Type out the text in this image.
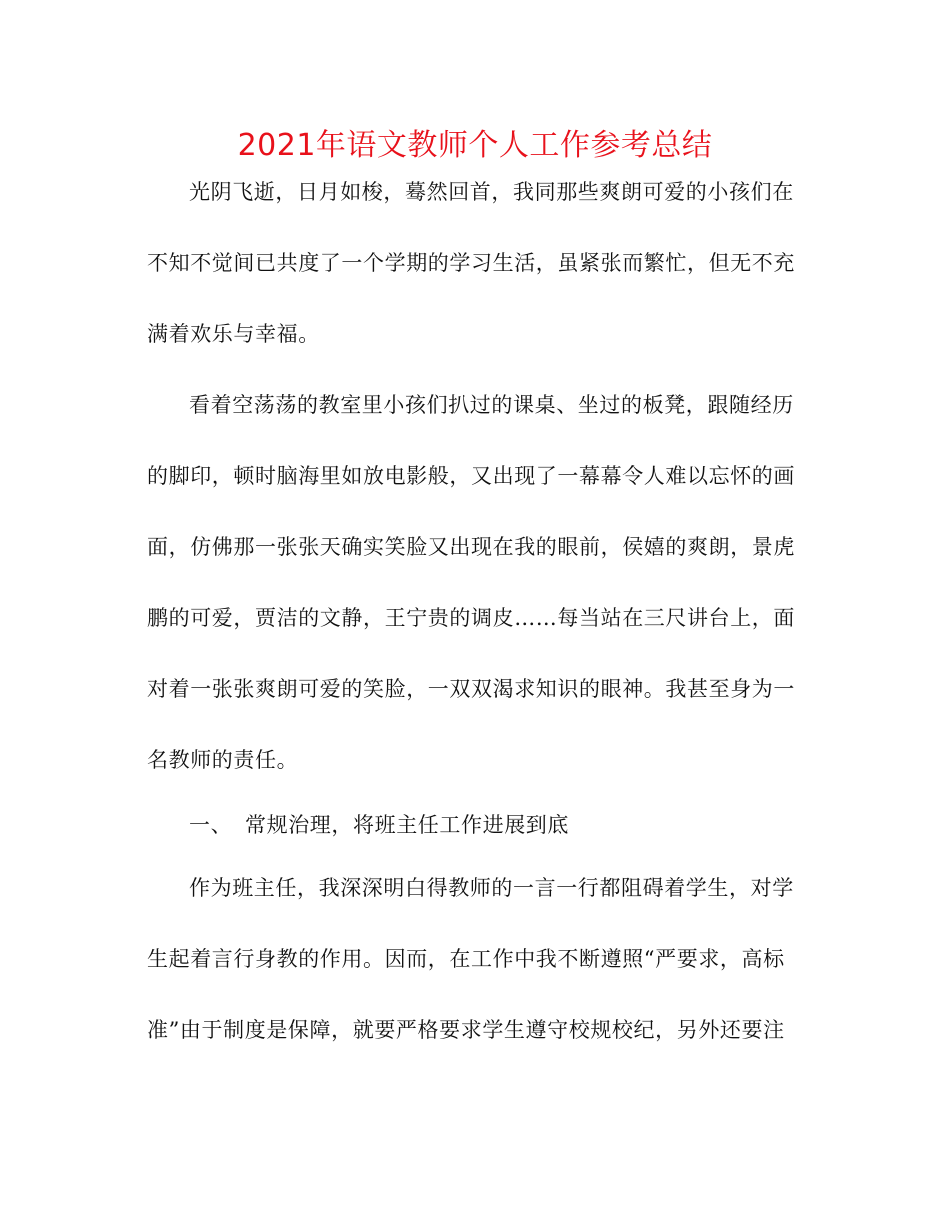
2021年语文教师个人工作参考总结
光阴飞逝，日月如梭，蓦然回首，我同那些爽朗可爱的小孩们在
不知不觉间已共度了一个学期的学习生活，虽紧张而繁忙，但无不充
满着欢乐与幸福。
看着空荡荡的教室里小孩们扒过的课桌、坐过的板凳，跟随经历
的脚印，顿时脑海里如放电影般，又出现了一幕幕令人难以忘怀的画
面，仿佛那一张张天确实笑脸又出现在我的眼前，侯嬉的爽朗，景虎
鹏的可爱，贾洁的文静，王宁贵的调皮……每当站在三尺讲台上，面
对着一张张爽朗可爱的笑脸，一双双渴求知识的眼神。我甚至身为一
名教师的责任。
一、 常规治理，将班主任工作进展到底
作为班主任，我深深明白得教师的一言一行都阻碍着学生，对学
生起着言行身教的作用。因而，在工作中我不断遵照“严要求，高标
准”由于制度是保障，就要严格要求学生遵守校规校纪，另外还要注
